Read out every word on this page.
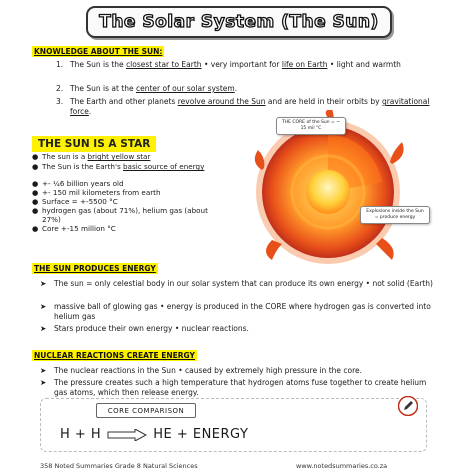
The Solar System (The Sun)
KNOWLEDGE ABOUT THE SUN:
1. The Sun is the closest star to Earth • very important for life on Earth • light and warmth
2. The Sun is at the center of our solar system.
3. The Earth and other planets revolve around the Sun and are held in their orbits by gravitational force.
THE SUN IS A STAR
● The sun is a bright yellow star
● The Sun is the Earth's basic source of energy
● +- ¼6 billion years old
● +- 150 mil kilometers from earth
● Surface = +-5500 °C
● hydrogen gas (about 71%), helium gas (about 27%)
● Core +-15 million °C
THE CORE of the Sun = ~ 15 mil °C
Explosions inside the Sun = produce energy
THE SUN PRODUCES ENERGY
➤ The sun = only celestial body in our solar system that can produce its own energy • not solid (Earth)
➤ massive ball of glowing gas • energy is produced in the CORE where hydrogen gas is converted into helium gas
➤ Stars produce their own energy • nuclear reactions.
NUCLEAR REACTIONS CREATE ENERGY
➤ The nuclear reactions in the Sun • caused by extremely high pressure in the core.
➤ The pressure creates such a high temperature that hydrogen atoms fuse together to create helium gas atoms, which then release energy.
CORE COMPARISON
H + H	HE + ENERGY
358 Noted Summaries Grade 8 Natural Sciences	www.notedsummaries.co.za
